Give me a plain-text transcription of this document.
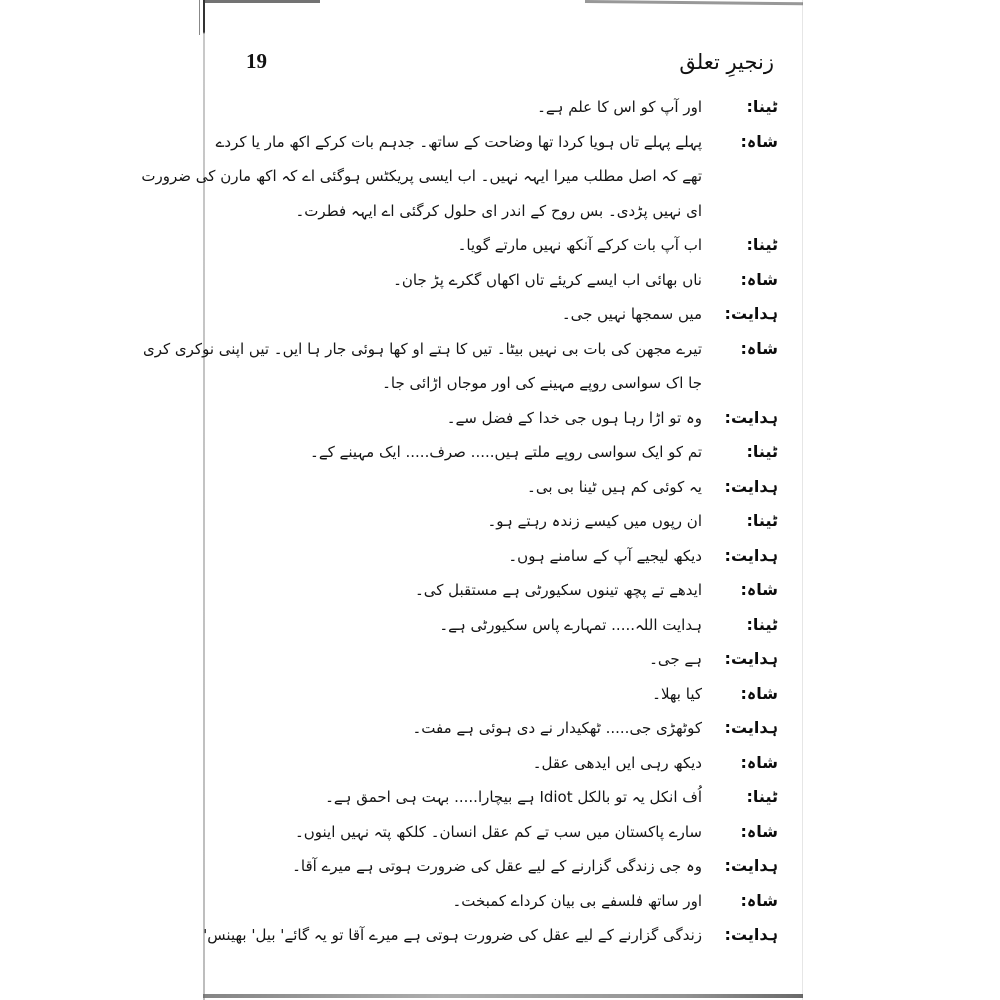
زنجیرِ تعلق
19
ٹینا:
اور آپ کو اس کا علم ہے۔
شاہ:
پہلے پہلے تاں ہویا کردا تھا وضاحت کے ساتھ۔ جدہم بات کرکے اکھ مار یا کردے
تھے کہ اصل مطلب میرا ایہہ نہیں۔ اب ایسی پریکٹس ہوگئی اے کہ اکھ مارن کی ضرورت
ای نہیں پڑدی۔ بس روح کے اندر ای حلول کرگئی اے ایہہ فطرت۔
ٹینا:
اب آپ بات کرکے آنکھ نہیں مارتے گویا۔
شاہ:
ناں بھائی اب ایسے کریئے تاں اکھاں گکرے پڑ جان۔
ہدایت:
میں سمجھا نہیں جی۔
شاہ:
تیرے مجھن کی بات بی نہیں بیٹا۔ تیں کا ہتے او کھا ہوئی جار ہا ایں۔ تیں اپنی نوکری کری
جا اک سواسی روپے مہینے کی اور موجاں اڑائی جا۔
ہدایت:
وہ تو اڑا رہا ہوں جی خدا کے فضل سے۔
ٹینا:
تم کو ایک سواسی روپے ملتے ہیں..... صرف..... ایک مہینے کے۔
ہدایت:
یہ کوئی کم ہیں ٹینا بی بی۔
ٹینا:
ان رپوں میں کیسے زندہ رہتے ہو۔
ہدایت:
دیکھ لیجیے آپ کے سامنے ہوں۔
شاہ:
ایدھے تے پچھ تینوں سکیورٹی ہے مستقبل کی۔
ٹینا:
ہدایت اللہ..... تمہارے پاس سکیورٹی ہے۔
ہدایت:
ہے جی۔
شاہ:
کیا بھلا۔
ہدایت:
کوٹھڑی جی..... ٹھکیدار نے دی ہوئی ہے مفت۔
شاہ:
دیکھ رہی ایں ایدھی عقل۔
ٹینا:
اُف انکل یہ تو بالکل Idiot ہے بیچارا..... بہت ہی احمق ہے۔
شاہ:
سارے پاکستان میں سب تے کم عقل انسان۔ کلکھ پتہ نہیں اینوں۔
ہدایت:
وہ جی زندگی گزارنے کے لیے عقل کی ضرورت ہوتی ہے میرے آقا۔
شاہ:
اور ساتھ فلسفے بی بیان کرداے کمبخت۔
ہدایت:
زندگی گزارنے کے لیے عقل کی ضرورت ہوتی ہے میرے آقا تو یہ گائے' بیل' بھینس'
